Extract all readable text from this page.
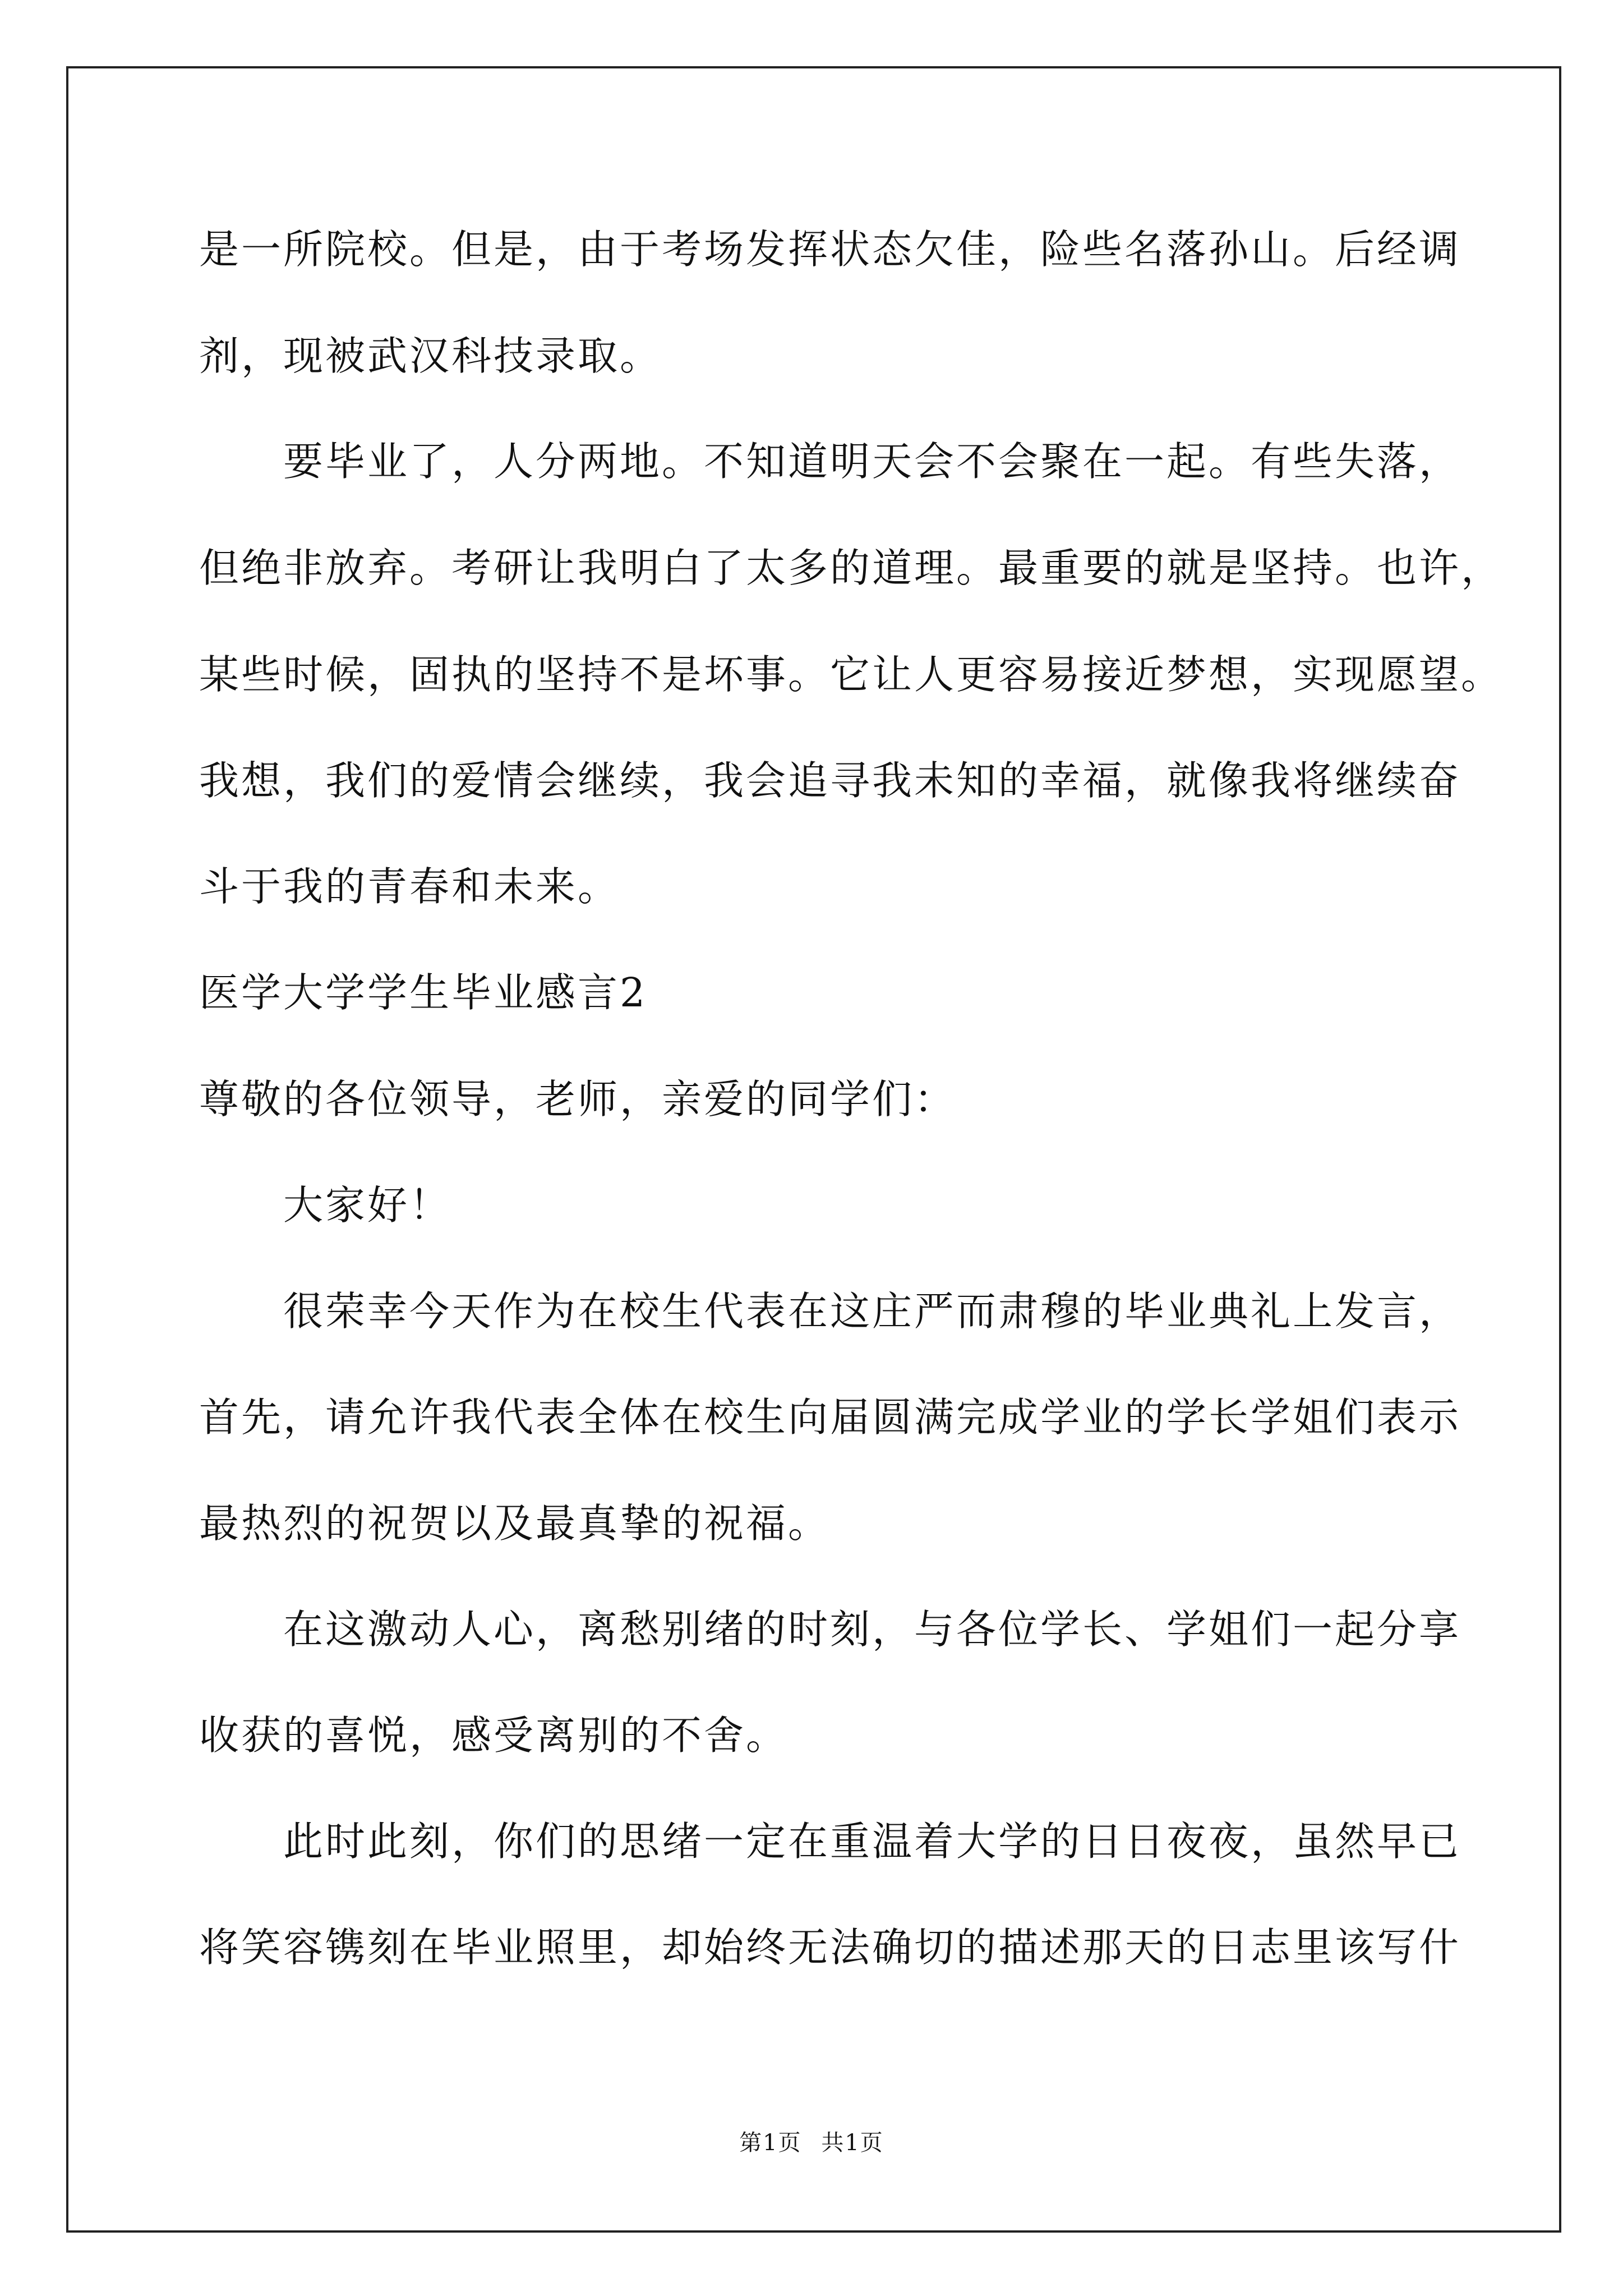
是一所院校。但是，由于考场发挥状态欠佳，险些名落孙山。后经调
剂，现被武汉科技录取。
要毕业了，人分两地。不知道明天会不会聚在一起。有些失落，
但绝非放弃。考研让我明白了太多的道理。最重要的就是坚持。也许，
某些时候，固执的坚持不是坏事。它让人更容易接近梦想，实现愿望。
我想，我们的爱情会继续，我会追寻我未知的幸福，就像我将继续奋
斗于我的青春和未来。
医学大学学生毕业感言2
尊敬的各位领导，老师，亲爱的同学们：
大家好！
很荣幸今天作为在校生代表在这庄严而肃穆的毕业典礼上发言，
首先，请允许我代表全体在校生向届圆满完成学业的学长学姐们表示
最热烈的祝贺以及最真挚的祝福。
在这激动人心，离愁别绪的时刻，与各位学长、学姐们一起分享
收获的喜悦，感受离别的不舍。
此时此刻，你们的思绪一定在重温着大学的日日夜夜，虽然早已
将笑容镌刻在毕业照里，却始终无法确切的描述那天的日志里该写什
第1页 共1页
